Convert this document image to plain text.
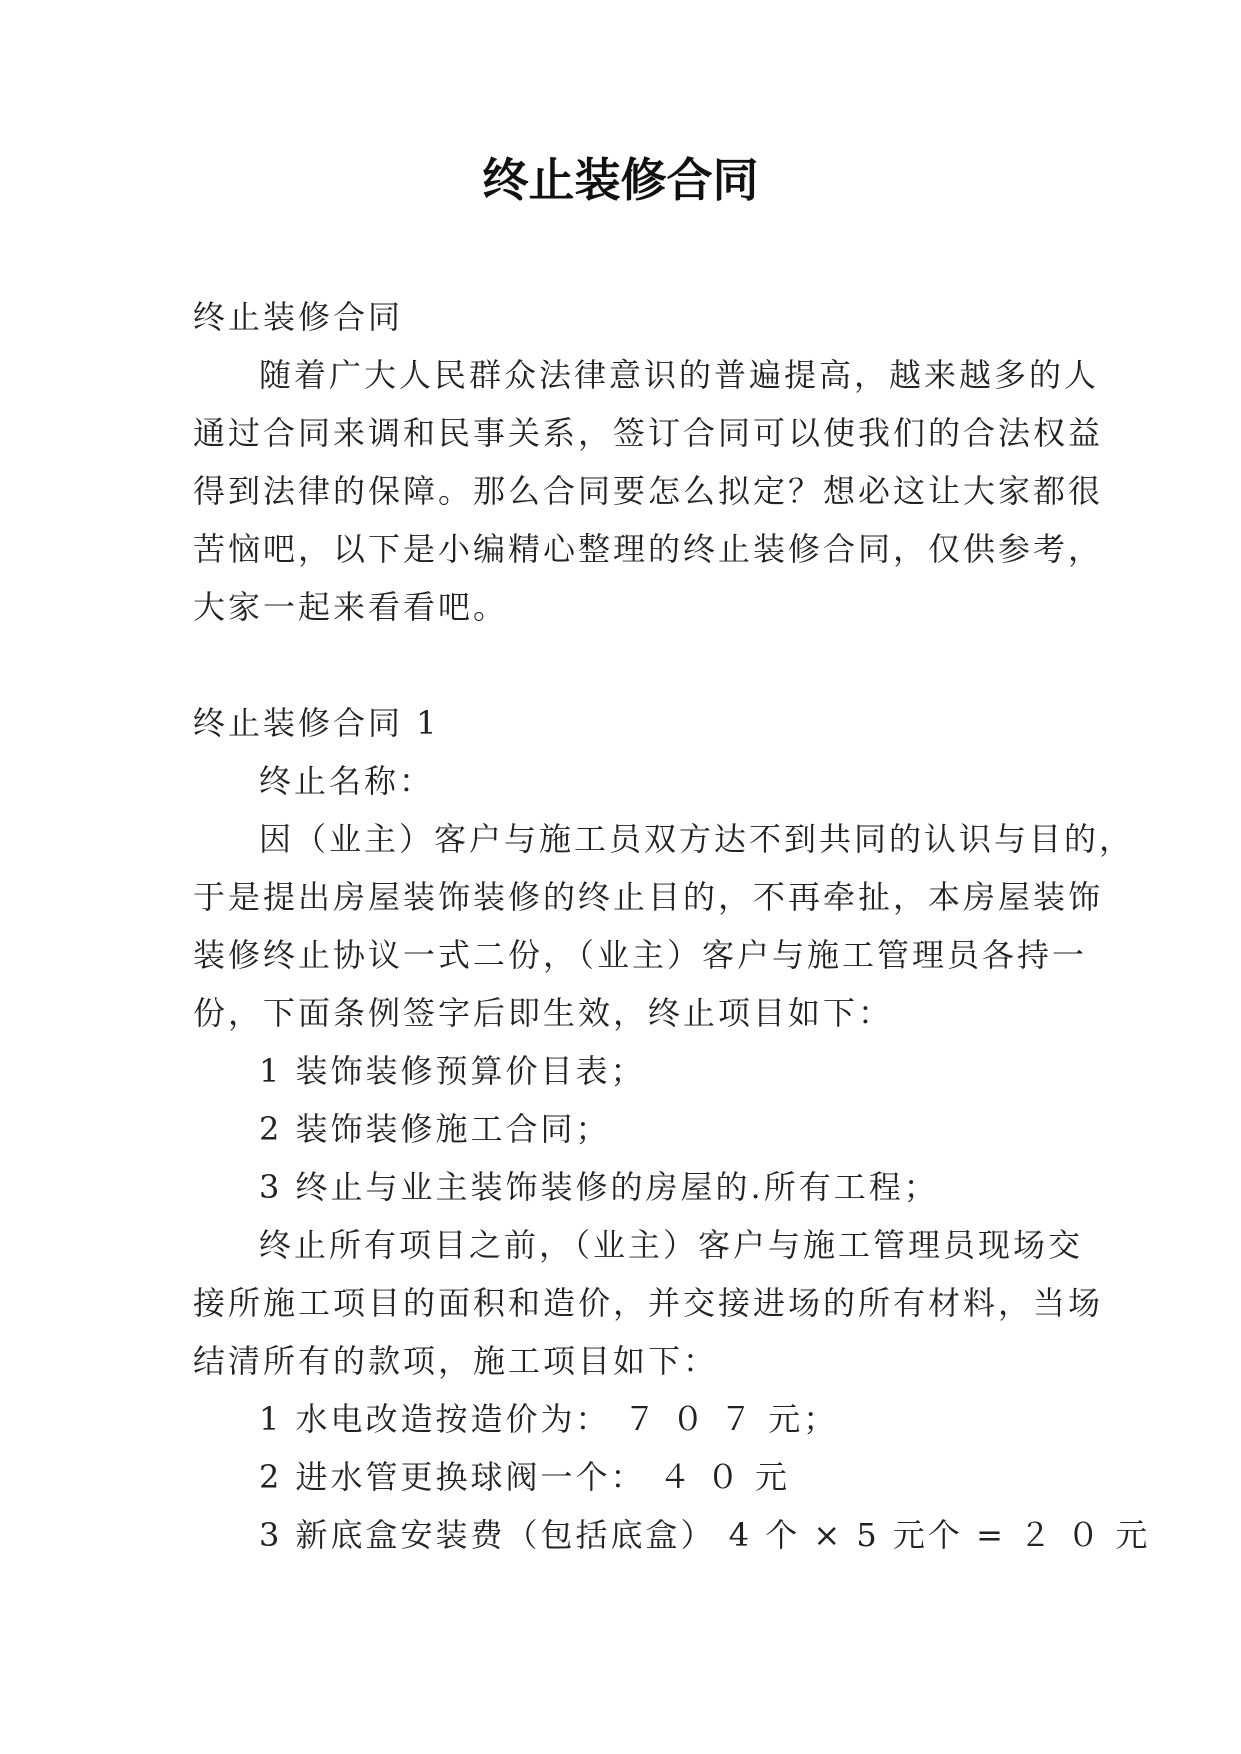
终止装修合同

终止装修合同

随着广大人民群众法律意识的普遍提高，越来越多的人

通过合同来调和民事关系，签订合同可以使我们的合法权益

得到法律的保障。那么合同要怎么拟定？想必这让大家都很

苦恼吧，以下是小编精心整理的终止装修合同，仅供参考，

大家一起来看看吧。

终止装修合同 1

终止名称：

因（业主）客户与施工员双方达不到共同的认识与目的，

于是提出房屋装饰装修的终止目的，不再牵扯，本房屋装饰

装修终止协议一式二份，（业主）客户与施工管理员各持一

份，下面条例签字后即生效，终止项目如下：

1 装饰装修预算价目表；

2 装饰装修施工合同；

3 终止与业主装饰装修的房屋的.所有工程；

终止所有项目之前，（业主）客户与施工管理员现场交

接所施工项目的面积和造价，并交接进场的所有材料，当场

结清所有的款项，施工项目如下：

1 水电改造按造价为： ７ ０ ７ 元；

2 进水管更换球阀一个： ４ ０ 元

3 新底盒安装费（包括底盒） 4 个 × 5 元个 = ２ ０ 元
